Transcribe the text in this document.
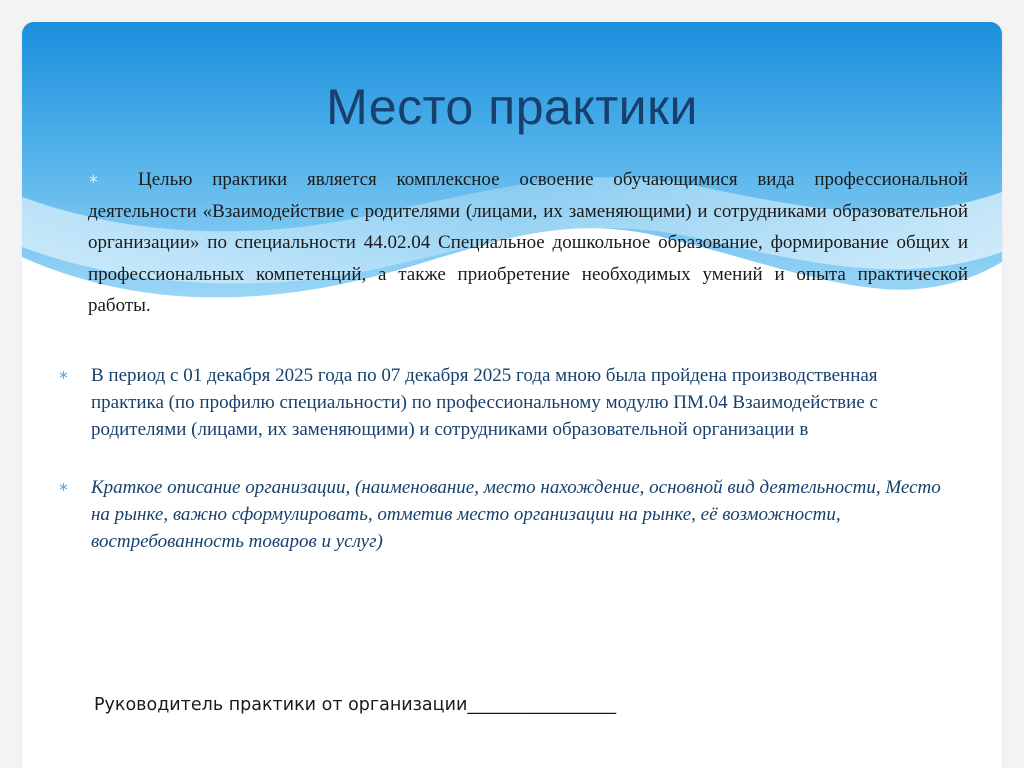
Место практики
∗	Целью практики является комплексное освоение обучающимися вида профессиональной деятельности «Взаимодействие с родителями (лицами, их заменяющими) и сотрудниками образовательной организации» по специальности 44.02.04 Специальное дошкольное образование, формирование общих и профессиональных компетенций, а также приобретение необходимых умений и опыта практической работы.
∗	В период с 01 декабря 2025 года по 07 декабря 2025 года мною была пройдена производственная практика (по профилю специальности) по профессиональному модулю ПМ.04 Взаимодействие с родителями (лицами, их заменяющими) и сотрудниками образовательной организации в
∗	Краткое описание организации, (наименование, место нахождение, основной вид деятельности, Место на рынке, важно сформулировать, отметив место организации на рынке, её возможности, востребованность товаров и услуг)
Руководитель практики от организации_________________
